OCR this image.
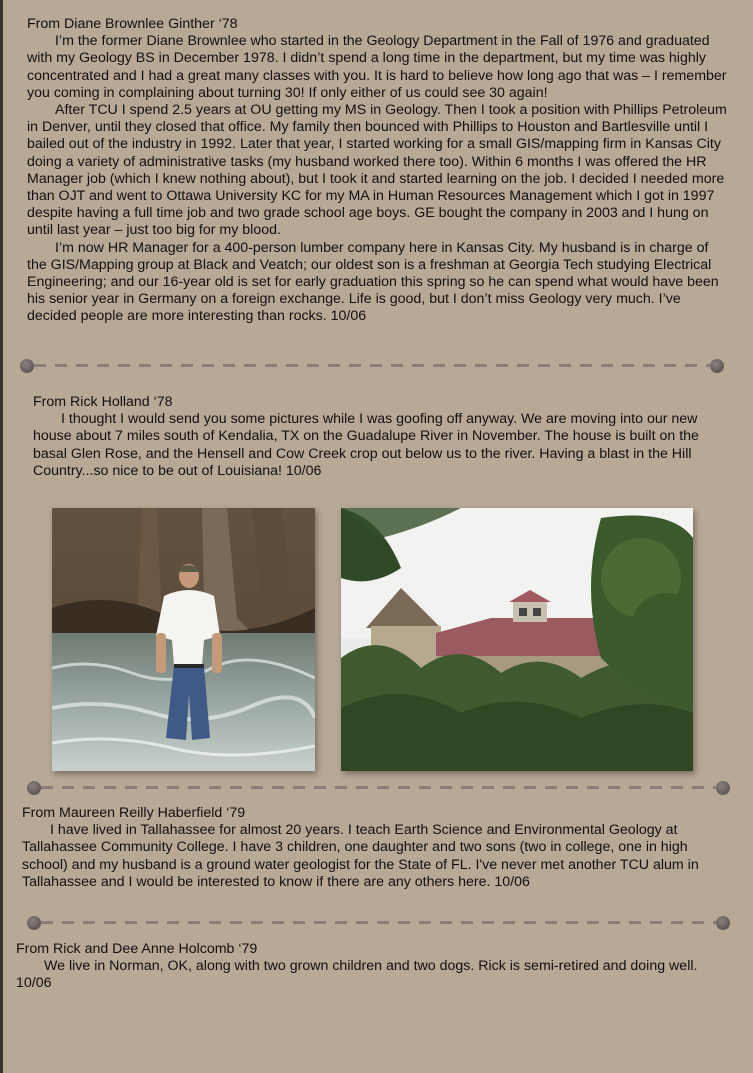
From Diane Brownlee Ginther ‘78

I’m the former Diane Brownlee who started in the Geology Department in the Fall of 1976 and graduated with my Geology BS in December 1978. I didn’t spend a long time in the department, but my time was highly concentrated and I had a great many classes with you. It is hard to believe how long ago that was – I remember you coming in complaining about turning 30! If only either of us could see 30 again!

After TCU I spend 2.5 years at OU getting my MS in Geology. Then I took a position with Phillips Petroleum in Denver, until they closed that office. My family then bounced with Phillips to Houston and Bartlesville until I bailed out of the industry in 1992. Later that year, I started working for a small GIS/mapping firm in Kansas City doing a variety of administrative tasks (my husband worked there too). Within 6 months I was offered the HR Manager job (which I knew nothing about), but I took it and started learning on the job. I decided I needed more than OJT and went to Ottawa University KC for my MA in Human Resources Management which I got in 1997 despite having a full time job and two grade school age boys. GE bought the company in 2003 and I hung on until last year – just too big for my blood.

I’m now HR Manager for a 400-person lumber company here in Kansas City. My husband is in charge of the GIS/Mapping group at Black and Veatch; our oldest son is a freshman at Georgia Tech studying Electrical Engineering; and our 16-year old is set for early graduation this spring so he can spend what would have been his senior year in Germany on a foreign exchange. Life is good, but I don’t miss Geology very much. I’ve decided people are more interesting than rocks. 10/06

From Rick Holland ‘78

I thought I would send you some pictures while I was goofing off anyway. We are moving into our new house about 7 miles south of Kendalia, TX on the Guadalupe River in November. The house is built on the basal Glen Rose, and the Hensell and Cow Creek crop out below us to the river. Having a blast in the Hill Country...so nice to be out of Louisiana! 10/06

From Maureen Reilly Haberfield ‘79

I have lived in Tallahassee for almost 20 years. I teach Earth Science and Environmental Geology at Tallahassee Community College. I have 3 children, one daughter and two sons (two in college, one in high school) and my husband is a ground water geologist for the State of FL. I've never met another TCU alum in Tallahassee and I would be interested to know if there are any others here. 10/06

From Rick and Dee Anne Holcomb ‘79

We live in Norman, OK, along with two grown children and two dogs. Rick is semi-retired and doing well. 10/06
